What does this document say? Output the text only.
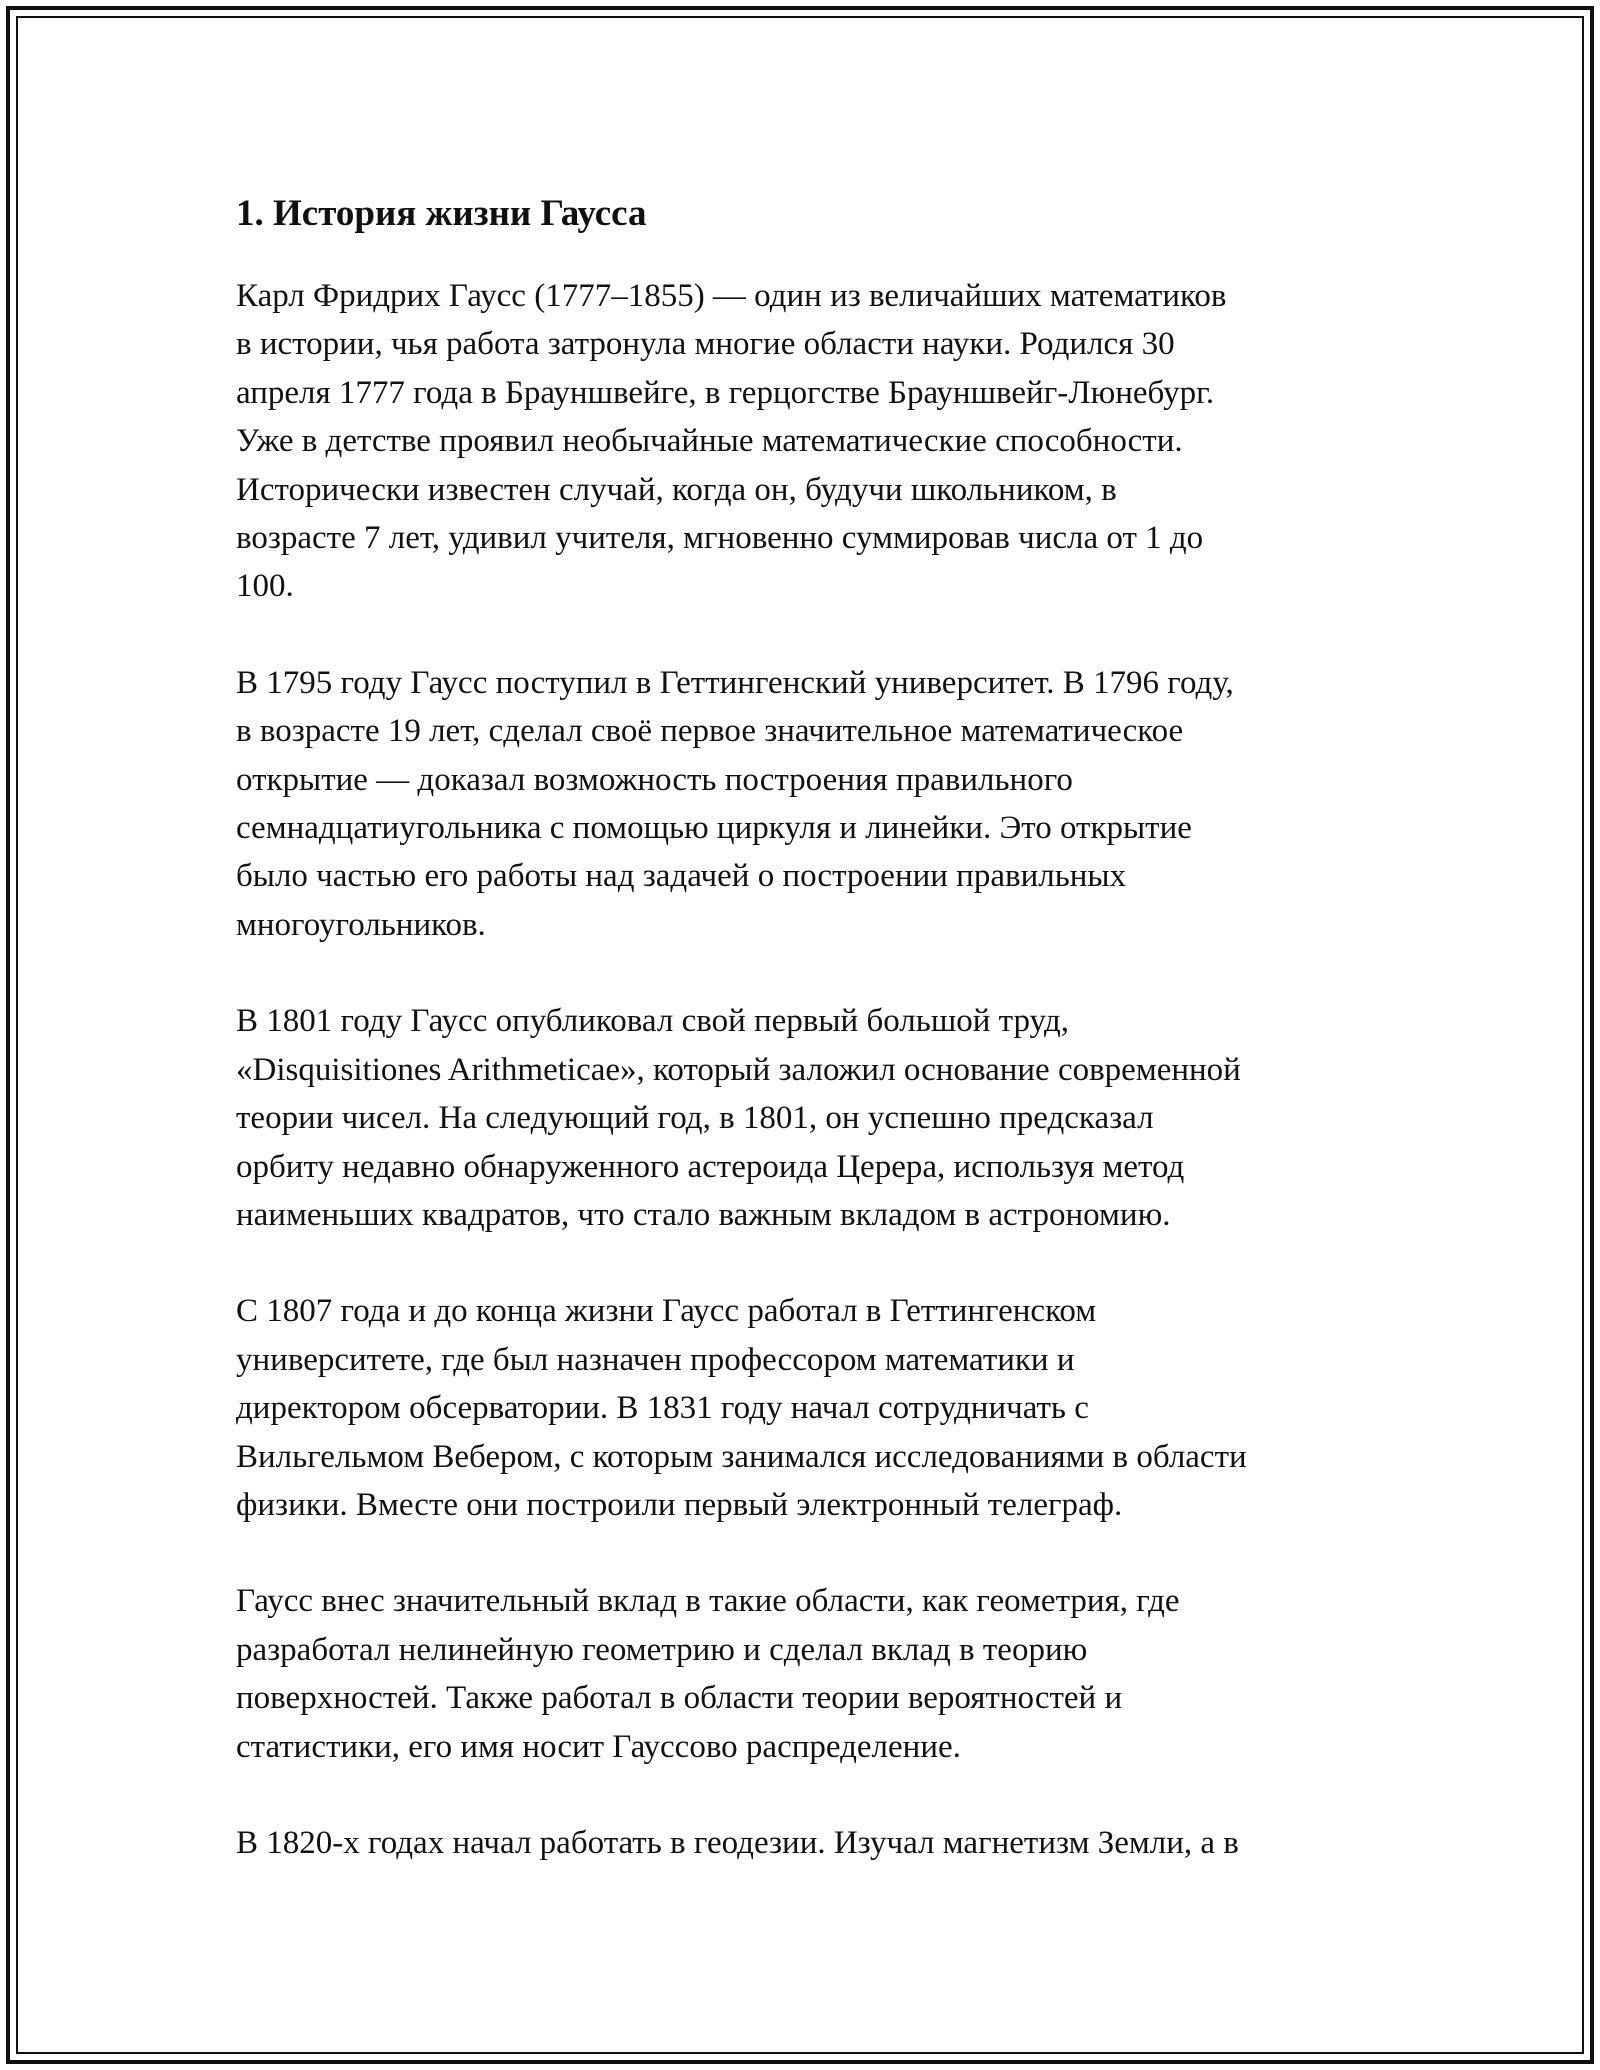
1. История жизни Гаусса

Карл Фридрих Гаусс (1777–1855) — один из величайших математиков
в истории, чья работа затронула многие области науки. Родился 30
апреля 1777 года в Брауншвейге, в герцогстве Брауншвейг-Люнебург.
Уже в детстве проявил необычайные математические способности.
Исторически известен случай, когда он, будучи школьником, в
возрасте 7 лет, удивил учителя, мгновенно суммировав числа от 1 до
100.

В 1795 году Гаусс поступил в Геттингенский университет. В 1796 году,
в возрасте 19 лет, сделал своё первое значительное математическое
открытие — доказал возможность построения правильного
семнадцатиугольника с помощью циркуля и линейки. Это открытие
было частью его работы над задачей о построении правильных
многоугольников.

В 1801 году Гаусс опубликовал свой первый большой труд,
«Disquisitiones Arithmeticae», который заложил основание современной
теории чисел. На следующий год, в 1801, он успешно предсказал
орбиту недавно обнаруженного астероида Церера, используя метод
наименьших квадратов, что стало важным вкладом в астрономию.

С 1807 года и до конца жизни Гаусс работал в Геттингенском
университете, где был назначен профессором математики и
директором обсерватории. В 1831 году начал сотрудничать с
Вильгельмом Вебером, с которым занимался исследованиями в области
физики. Вместе они построили первый электронный телеграф.

Гаусс внес значительный вклад в такие области, как геометрия, где
разработал нелинейную геометрию и сделал вклад в теорию
поверхностей. Также работал в области теории вероятностей и
статистики, его имя носит Гауссово распределение.

В 1820-х годах начал работать в геодезии. Изучал магнетизм Земли, а в
